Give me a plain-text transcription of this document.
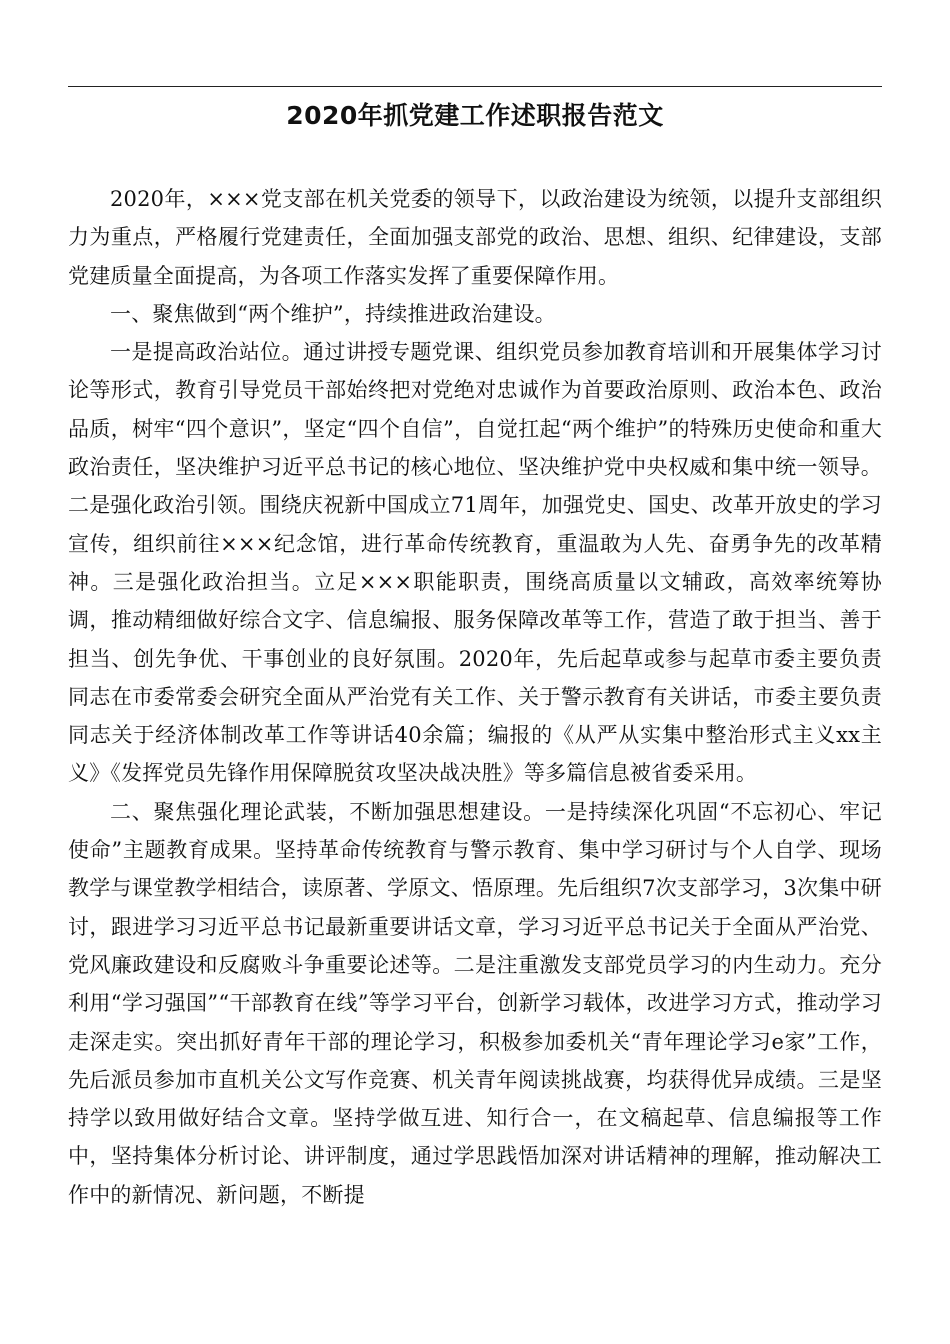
2020年抓党建工作述职报告范文

2020年，×××党支部在机关党委的领导下，以政治建设为统领，以提升支部组织力为重点，严格履行党建责任，全面加强支部党的政治、思想、组织、纪律建设，支部党建质量全面提高，为各项工作落实发挥了重要保障作用。

一、聚焦做到“两个维护”，持续推进政治建设。

一是提高政治站位。通过讲授专题党课、组织党员参加教育培训和开展集体学习讨论等形式，教育引导党员干部始终把对党绝对忠诚作为首要政治原则、政治本色、政治品质，树牢“四个意识”，坚定“四个自信”，自觉扛起“两个维护”的特殊历史使命和重大政治责任，坚决维护习近平总书记的核心地位、坚决维护党中央权威和集中统一领导。二是强化政治引领。围绕庆祝新中国成立71周年，加强党史、国史、改革开放史的学习宣传，组织前往×××纪念馆，进行革命传统教育，重温敢为人先、奋勇争先的改革精神。三是强化政治担当。立足×××职能职责，围绕高质量以文辅政，高效率统筹协调，推动精细做好综合文字、信息编报、服务保障改革等工作，营造了敢于担当、善于担当、创先争优、干事创业的良好氛围。2020年，先后起草或参与起草市委主要负责同志在市委常委会研究全面从严治党有关工作、关于警示教育有关讲话，市委主要负责同志关于经济体制改革工作等讲话40余篇；编报的《从严从实集中整治形式主义xx主义》《发挥党员先锋作用保障脱贫攻坚决战决胜》等多篇信息被省委采用。

二、聚焦强化理论武装，不断加强思想建设。一是持续深化巩固“不忘初心、牢记使命”主题教育成果。坚持革命传统教育与警示教育、集中学习研讨与个人自学、现场教学与课堂教学相结合，读原著、学原文、悟原理。先后组织7次支部学习，3次集中研讨，跟进学习习近平总书记最新重要讲话文章，学习习近平总书记关于全面从严治党、党风廉政建设和反腐败斗争重要论述等。二是注重激发支部党员学习的内生动力。充分利用“学习强国”“干部教育在线”等学习平台，创新学习载体，改进学习方式，推动学习走深走实。突出抓好青年干部的理论学习，积极参加委机关“青年理论学习e家”工作，先后派员参加市直机关公文写作竞赛、机关青年阅读挑战赛，均获得优异成绩。三是坚持学以致用做好结合文章。坚持学做互进、知行合一，在文稿起草、信息编报等工作中，坚持集体分析讨论、讲评制度，通过学思践悟加深对讲话精神的理解，推动解决工作中的新情况、新问题，不断提
